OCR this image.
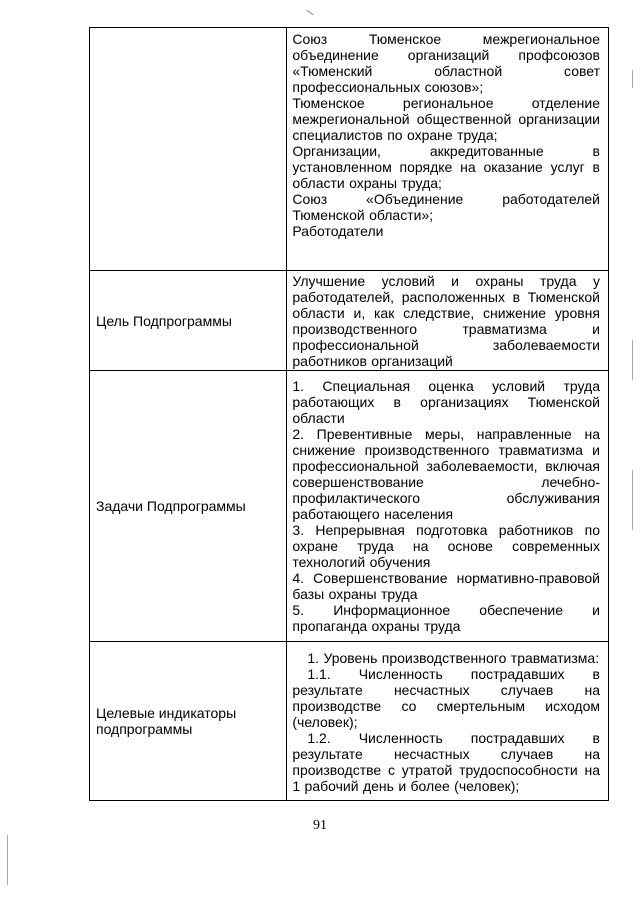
	Союз Тюменское межрегиональное объединение организаций профсоюзов «Тюменский областной совет профессиональных союзов»;
Тюменское региональное отделение межрегиональной общественной организации специалистов по охране труда;
Организации, аккредитованные в установленном порядке на оказание услуг в области охраны труда;
Союз «Объединение работодателей Тюменской области»;
Работодатели

Цель Подпрограммы	Улучшение условий и охраны труда у работодателей, расположенных в Тюменской области и, как следствие, снижение уровня производственного травматизма и профессиональной заболеваемости работников организаций

Задачи Подпрограммы	1. Специальная оценка условий труда работающих в организациях Тюменской области
2. Превентивные меры, направленные на снижение производственного травматизма и профессиональной заболеваемости, включая совершенствование лечебно-профилактического обслуживания работающего населения
3. Непрерывная подготовка работников по охране труда на основе современных технологий обучения
4. Совершенствование нормативно-правовой базы охраны труда
5. Информационное обеспечение и пропаганда охраны труда

Целевые индикаторы подпрограммы	1. Уровень производственного травматизма:
1.1. Численность пострадавших в результате несчастных случаев на производстве со смертельным исходом (человек);
1.2. Численность пострадавших в результате несчастных случаев на производстве с утратой трудоспособности на 1 рабочий день и более (человек);
91
